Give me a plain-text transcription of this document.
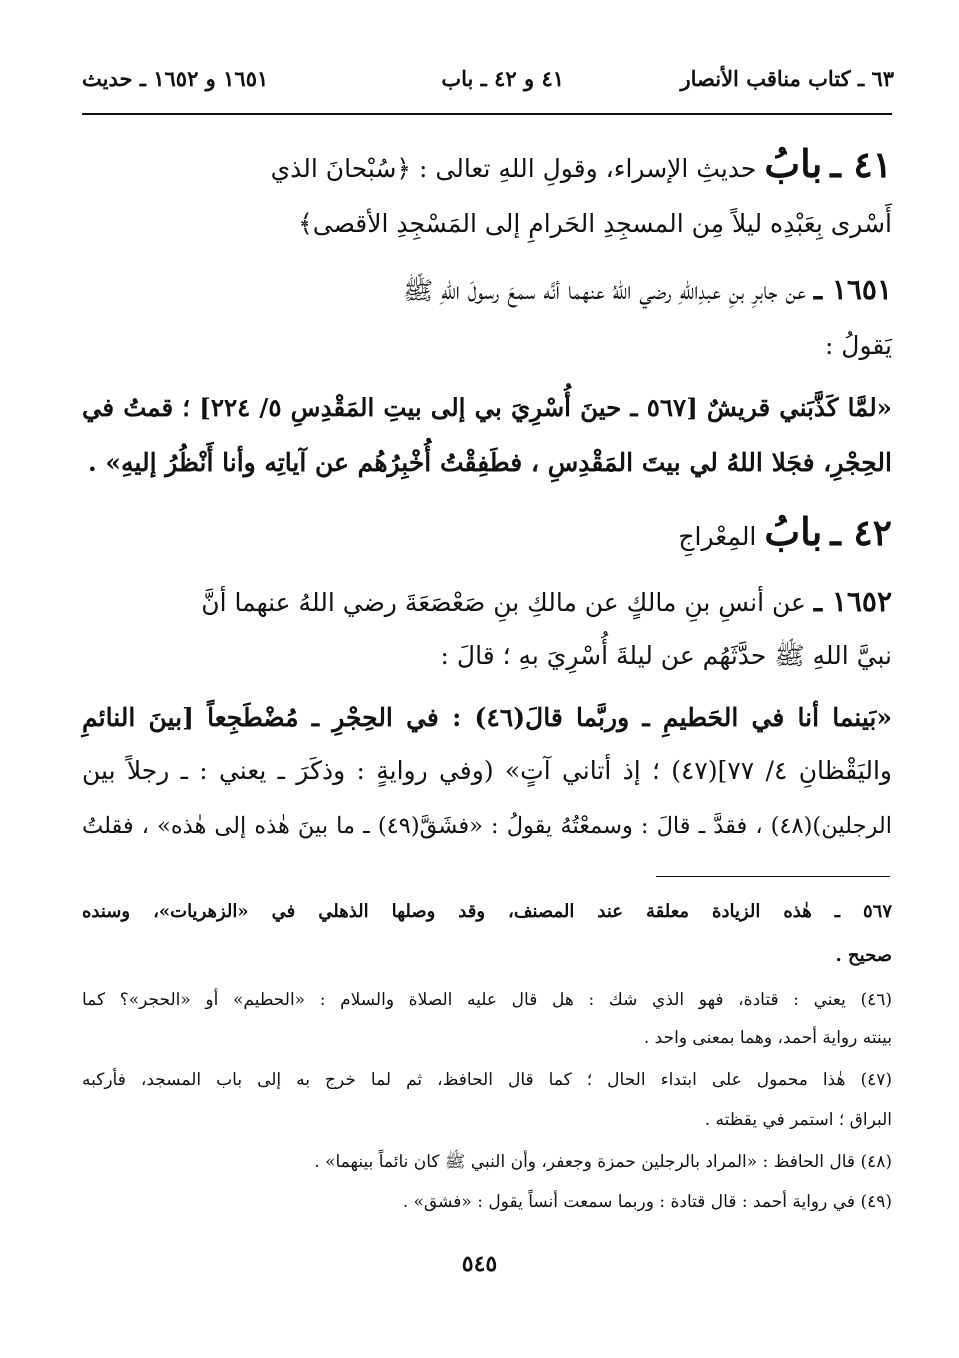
٦٣ ـ كتاب مناقب الأنصار
٤١ و ٤٢ ـ باب
١٦٥١ و ١٦٥٢ ـ حديث
٤١ ـ بابُ حديثِ الإسراء، وقولِ اللهِ تعالى : ﴿سُبْحانَ الذي
أَسْرى بِعَبْدِه ليلاً مِن المسجِدِ الحَرامِ إلى المَسْجِدِ الأقصى﴾
١٦٥١ ـ عن جابرِ بنِ عبدِاللهِ رضي اللهُ عنهما أنَّه سمعَ رسولَ اللهِ ﷺ
يَقولُ :
«لمَّا كَذَّبَني قريشٌ [٥٦٧ ـ حينَ أُسْرِيَ بي إلى بيتِ المَقْدِسِ ٥/ ٢٢٤] ؛ قمتُ في
الحِجْرِ، فجَلا اللهُ لي بيتَ المَقْدِسِ ، فطَفِقْتُ أُخْبِرُهُم عن آياتِه وأنا أَنْظُرُ إليهِ» .
٤٢ ـ بابُ المِعْراجِ
١٦٥٢ ـ عن أنسِ بنِ مالكٍ عن مالكِ بنِ صَعْصَعَةَ رضي اللهُ عنهما أنَّ
نبيَّ اللهِ ﷺ حدَّثَهُم عن ليلةَ أُسْرِيَ بهِ ؛ قالَ :
«بَينما أنا في الحَطيمِ ـ وربَّما قالَ(٤٦) : في الحِجْرِ ـ مُضْطَجِعاً [بينَ النائمِ
واليَقْظانِ ٤/ ٧٧](٤٧) ؛ إذ أتاني آتٍ» (وفي روايةٍ : وذكَرَ ـ يعني : ـ رجلاً بين
الرجلين)(٤٨) ، فقدَّ ـ قالَ : وسمعْتُهُ يقولُ : «فشَقَّ(٤٩) ـ ما بينَ هٰذه إلى هٰذه» ، فقلتُ
٥٦٧ ـ هٰذه الزيادة معلقة عند المصنف، وقد وصلها الذهلي في «الزهريات»، وسنده
صحيح .
(٤٦) يعني : قتادة، فهو الذي شك : هل قال عليه الصلاة والسلام : «الحطيم» أو «الحجر»؟ كما
بينته رواية أحمد، وهما بمعنى واحد .
(٤٧) هٰذا محمول على ابتداء الحال ؛ كما قال الحافظ، ثم لما خرج به إلى باب المسجد، فأركبه
البراق ؛ استمر في يقظته .
(٤٨) قال الحافظ : «المراد بالرجلين حمزة وجعفر، وأن النبي ﷺ كان نائماً بينهما» .
(٤٩) في رواية أحمد : قال قتادة : وربما سمعت أنساً يقول : «فشق» .
٥٤٥
